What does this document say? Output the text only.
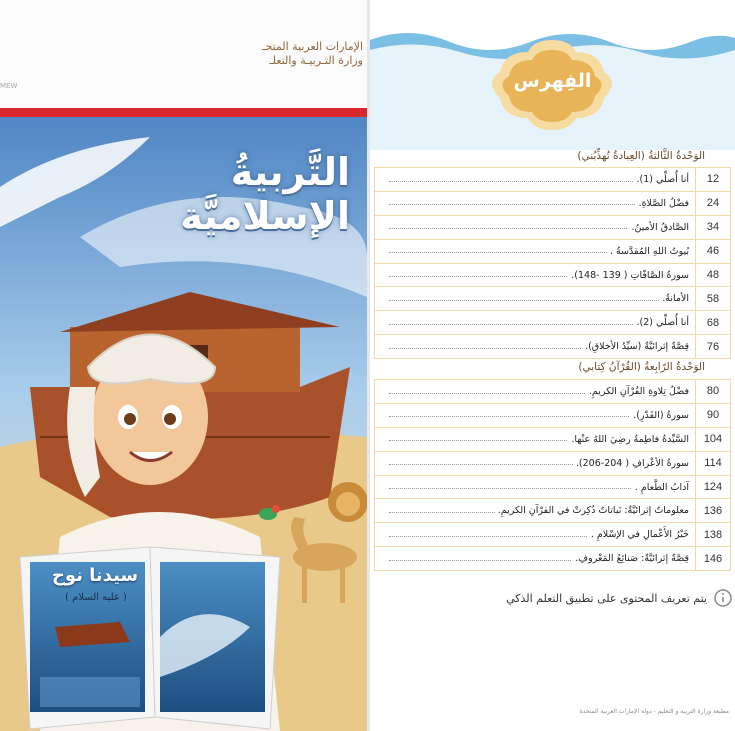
الإمارات العربية المتحـ
وزارة التـربيـة والتعلـ
MEW
التَّربيةُ الإسلاميَّة
سيدنا نوح
( عليه السلام )
الفِهرس
الوَحْدةُ الثَّالثةُ (العِبادةُ تُهذِّبُني)
أنا أُصلِّي (1).	12

فضْلُ الصَّلاةِ.	24

الصَّادقُ الأمينُ.	34

بُيوتُ اللهِ المُقدَّسةُ .	46

سورةُ الصَّافّاتِ ( 139 -148).	48

الأمانةُ.	58

أنا أُصلِّي (2).	68

قِصَّةٌ إثرائيَّةٌ (سيِّدُ الأخلاقِ).	76
الوَحْدةُ الرّابِعةُ (القُرْآنُ كِتابي)
فضْلُ تِلاوةِ القُرْآنِ الكريمِ.	80

سورةُ (القَدْرِ).	90

السَّيِّدةُ فاطِمةُ رضِيَ اللهُ عنْها.	104

سورةُ الأعْرافِ ( 204-206).	114

آدابُ الطَّعامِ .	124

معلوماتٌ إثرائيَّةٌ: نَباتاتٌ ذُكِرتْ في القرْآنِ الكريمِ.	136

خَيْرُ الأَعْمالِ في الإسْلامِ .	138

قِصَّةٌ إثرائيَّةٌ: صَنائِعُ المَعْروفِ.	146
يتم تعريف المحتوى على تطبيق التعلم الذكي
مطبعة وزارة التربية و التعليم - دولة الإمارات العربية المتحدة
